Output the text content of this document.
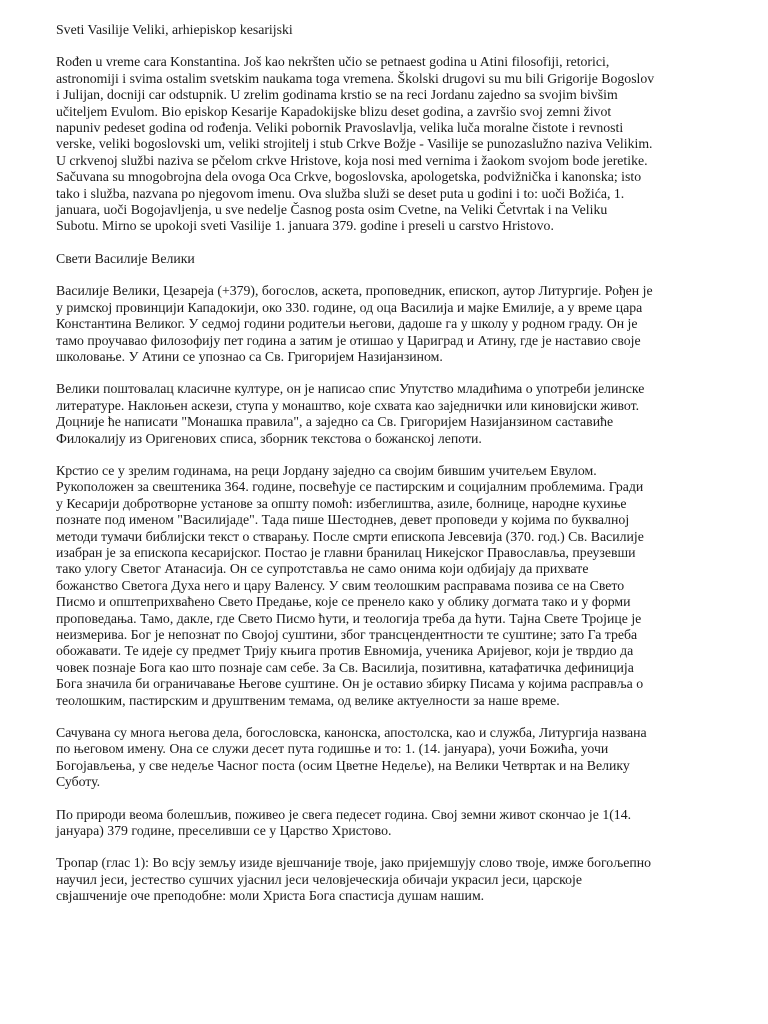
Sveti Vasilije Veliki, arhiepiskop kesarijski

Rođen u vreme cara Konstantina. Još kao nekršten učio se petnaest godina u Atini filosofiji, retorici,
astronomiji i svima ostalim svetskim naukama toga vremena. Školski drugovi su mu bili Grigorije Bogoslov
i Julijan, docniji car odstupnik. U zrelim godinama krstio se na reci Jordanu zajedno sa svojim bivšim
učiteljem Evulom. Bio episkop Kesarije Kapadokijske blizu deset godina, a završio svoj zemni život
napuniv pedeset godina od rođenja. Veliki pobornik Pravoslavlja, velika luča moralne čistote i revnosti
verske, veliki bogoslovski um, veliki strojitelj i stub Crkve Božje - Vasilije se punozaslužno naziva Velikim.
U crkvenoj službi naziva se pčelom crkve Hristove, koja nosi med vernima i žaokom svojom bode jeretike.
Sačuvana su mnogobrojna dela ovoga Oca Crkve, bogoslovska, apologetska, podvižnička i kanonska; isto
tako i služba, nazvana po njegovom imenu. Ova služba služi se deset puta u godini i to: uoči Božića, 1.
januara, uoči Bogojavljenja, u sve nedelje Časnog posta osim Cvetne, na Veliki Četvrtak i na Veliku
Subotu. Mirno se upokoji sveti Vasilije 1. januara 379. godine i preseli u carstvo Hristovo.

Свети Василије Велики

Василије Велики, Цезареја (+379), богослов, аскета, проповедник, епископ, аутор Литургије. Рођен је
у римској провинцији Кападокији, око 330. године, од оца Василија и мајке Емилије, а у време цара
Константина Великог. У седмој години родитељи његови, дадоше га у школу у родном граду. Он је
тамо проучавао филозофију пет година а затим је отишао у Цариград и Атину, где је наставио своје
школовање. У Атини се упознао са Св. Григоријем Назијанзином.

Велики поштовалац класичне културе, он је написао спис Упутство младићима о употреби јелинске
литературе. Наклоњен аскези, ступа у монаштво, које схвата као заједнички или киновијски живот.
Доцније ће написати "Монашка правила", а заједно са Св. Григоријем Назијанзином саставиће
Филокалију из Оригенових списа, зборник текстова о божанској лепоти.

Крстио се у зрелим годинама, на реци Јордану заједно са својим бившим учитељем Евулом.
Рукоположен за свештеника 364. године, посвећује се пастирским и социјалним проблемима. Гради
у Кесарији добротворне установе за општу помоћ: избеглиштва, азиле, болнице, народне кухиње
познате под именом "Василијаде". Тада пише Шестоднев, девет проповеди у којима по буквалној
методи тумачи библијски текст о стварању. После смрти епископа Јевсевија (370. год.) Св. Василије
изабран је за епископа кесаријског. Постао је главни бранилац Никејског Православља, преузевши
тако улогу Светог Атанасија. Он се супротставља не само онима који одбијају да прихвате
божанство Светога Духа него и цару Валенсу. У свим теолошким расправама позива се на Свето
Писмо и општеприхваћено Свето Предање, које се пренело како у облику догмата тако и у форми
проповедања. Тамо, дакле, где Свето Писмо ћути, и теологија треба да ћути. Тајна Свете Тројице је
неизмерива. Бог је непознат по Својој суштини, због трансцендентности те суштине; зато Га треба
обожавати. Те идеје су предмет Трију књига против Евномија, ученика Аријевог, који је тврдио да
човек познаје Бога као што познаје сам себе. За Св. Василија, позитивна, катафатичка дефиниција
Бога значила би ограничавање Његове суштине. Он је оставио збирку Писама у којима расправља о
теолошким, пастирским и друштвеним темама, од велике актуелности за наше време.

Сачувана су многа његова дела, богословска, канонска, апостолска, као и служба, Литургија названа
по његовом имену. Она се служи десет пута годишње и то: 1. (14. јануара), уочи Божића, уочи
Богојављења, у све недеље Часног поста (осим Цветне Недеље), на Велики Четвртак и на Велику
Суботу.

По природи веома болешљив, поживео је свега педесет година. Свој земни живот скончао је 1(14.
јануара) 379 године, преселивши се у Царство Христово.

Тропар (глас 1): Во всју земљу изиде вјешчаније твоје, јако пријемшују слово твоје, имже богољепно
научил јеси, јестество сушчих ујаснил јеси человјеческија обичаји украсил јеси, царскоје
свјашченије оче преподобне: моли Христа Бога спастисја душам нашим.
